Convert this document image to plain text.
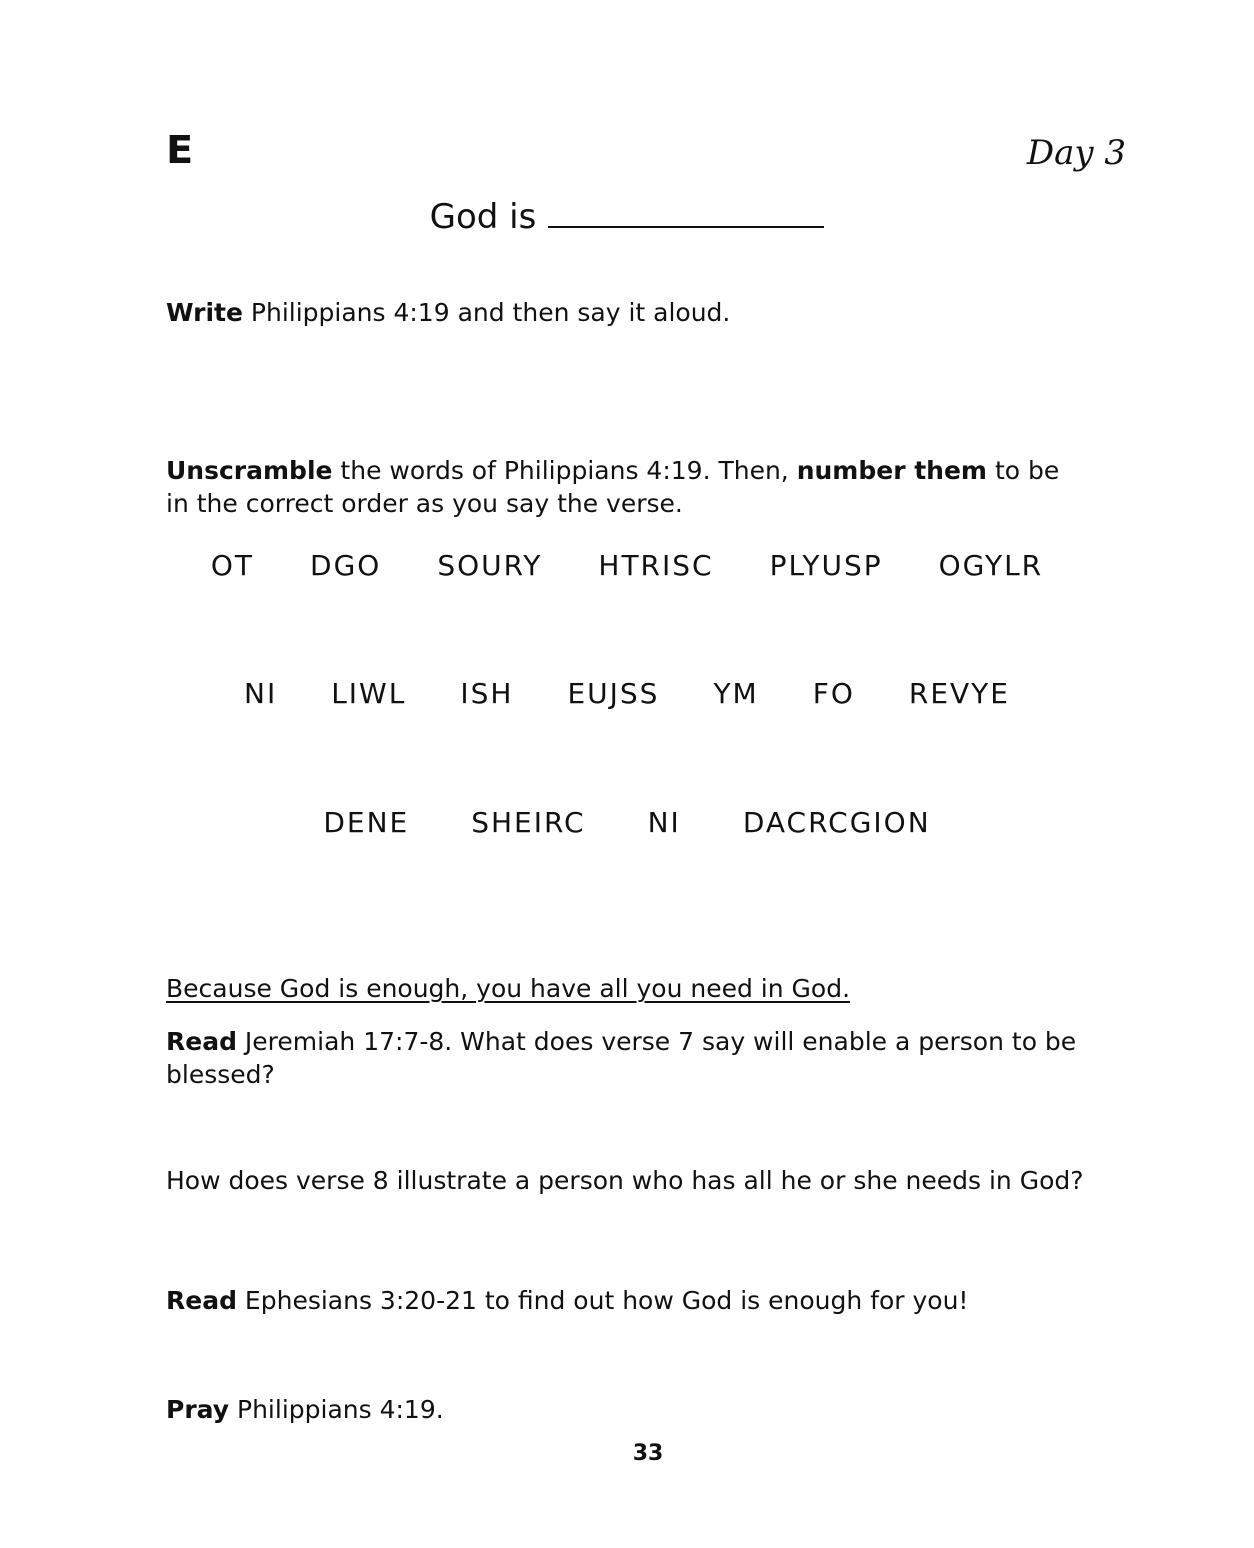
E	Day 3
God is
Write Philippians 4:19 and then say it aloud.
Unscramble the words of Philippians 4:19. Then, number them to be in the correct order as you say the verse.
OT DGO SOURY HTRISC PLYUSP OGYLR
NI LIWL ISH EUJSS YM FO REVYE
DENE SHEIRC NI DACRCGION
Because God is enough, you have all you need in God.
Read Jeremiah 17:7-8. What does verse 7 say will enable a person to be blessed?
How does verse 8 illustrate a person who has all he or she needs in God?
Read Ephesians 3:20-21 to find out how God is enough for you!
Pray Philippians 4:19.
33
